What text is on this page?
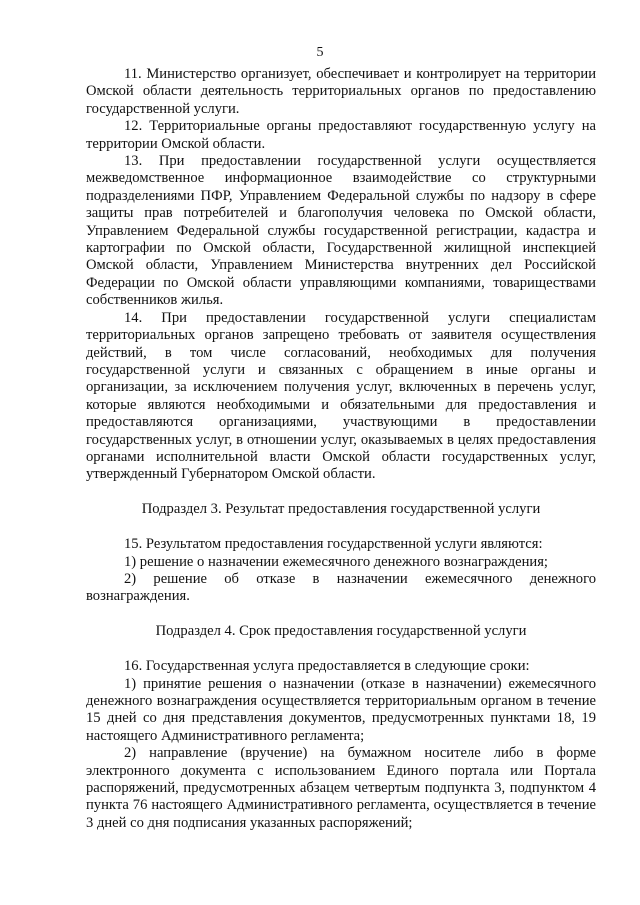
5

11. Министерство организует, обеспечивает и контролирует на территории Омской области деятельность территориальных органов по предоставлению государственной услуги.

12. Территориальные органы предоставляют государственную услугу на территории Омской области.

13. При предоставлении государственной услуги осуществляется межведомственное информационное взаимодействие со структурными подразделениями ПФР, Управлением Федеральной службы по надзору в сфере защиты прав потребителей и благополучия человека по Омской области, Управлением Федеральной службы государственной регистрации, кадастра и картографии по Омской области, Государственной жилищной инспекцией Омской области, Управлением Министерства внутренних дел Российской Федерации по Омской области управляющими компаниями, товариществами собственников жилья.

14. При предоставлении государственной услуги специалистам территориальных органов запрещено требовать от заявителя осуществления действий, в том числе согласований, необходимых для получения государственной услуги и связанных с обращением в иные органы и организации, за исключением получения услуг, включенных в перечень услуг, которые являются необходимыми и обязательными для предоставления и предоставляются организациями, участвующими в предоставлении государственных услуг, в отношении услуг, оказываемых в целях предоставления органами исполнительной власти Омской области государственных услуг, утвержденный Губернатором Омской области.

Подраздел 3. Результат предоставления государственной услуги

15. Результатом предоставления государственной услуги являются:

1) решение о назначении ежемесячного денежного вознаграждения;

2) решение об отказе в назначении ежемесячного денежного вознаграждения.

Подраздел 4. Срок предоставления государственной услуги

16. Государственная услуга предоставляется в следующие сроки:

1) принятие решения о назначении (отказе в назначении) ежемесячного денежного вознаграждения осуществляется территориальным органом в течение 15 дней со дня представления документов, предусмотренных пунктами 18, 19 настоящего Административного регламента;

2) направление (вручение) на бумажном носителе либо в форме электронного документа с использованием Единого портала или Портала распоряжений, предусмотренных абзацем четвертым подпункта 3, подпунктом 4 пункта 76 настоящего Административного регламента, осуществляется в течение 3 дней со дня подписания указанных распоряжений;
